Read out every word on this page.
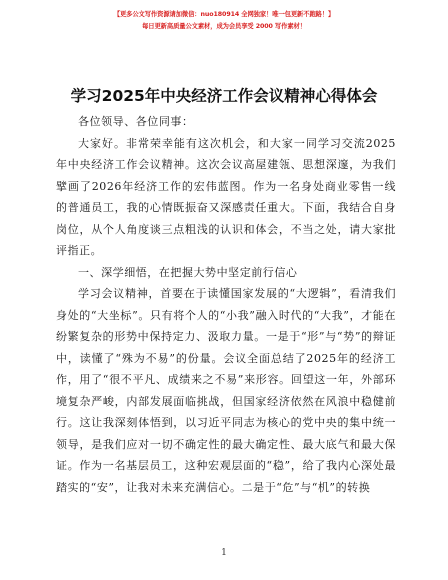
【更多公文写作资源请加微信：nuo180914 全网独家！唯一包更新不跑路！】
每日更新高质量公文素材，成为会员享受 2000 写作素材！
学习2025年中央经济工作会议精神心得体会

各位领导、各位同事：

大家好。非常荣幸能有这次机会，和大家一同学习交流2025年中央经济工作会议精神。这次会议高屋建瓴、思想深邃，为我们擘画了2026年经济工作的宏伟蓝图。作为一名身处商业零售一线的普通员工，我的心情既振奋又深感责任重大。下面，我结合自身岗位，从个人角度谈三点粗浅的认识和体会，不当之处，请大家批评指正。

一、深学细悟，在把握大势中坚定前行信心

学习会议精神，首要在于读懂国家发展的“大逻辑”，看清我们身处的“大坐标”。只有将个人的“小我”融入时代的“大我”，才能在纷繁复杂的形势中保持定力、汲取力量。一是于“形”与“势”的辩证中，读懂了“殊为不易”的份量。会议全面总结了2025年的经济工作，用了“很不平凡、成绩来之不易”来形容。回望这一年，外部环境复杂严峻，内部发展面临挑战，但国家经济依然在风浪中稳健前行。这让我深刻体悟到，以习近平同志为核心的党中央的集中统一领导，是我们应对一切不确定性的最大确定性、最大底气和最大保证。作为一名基层员工，这种宏观层面的“稳”，给了我内心深处最踏实的“安”，让我对未来充满信心。二是于“危”与“机”的转换

1
